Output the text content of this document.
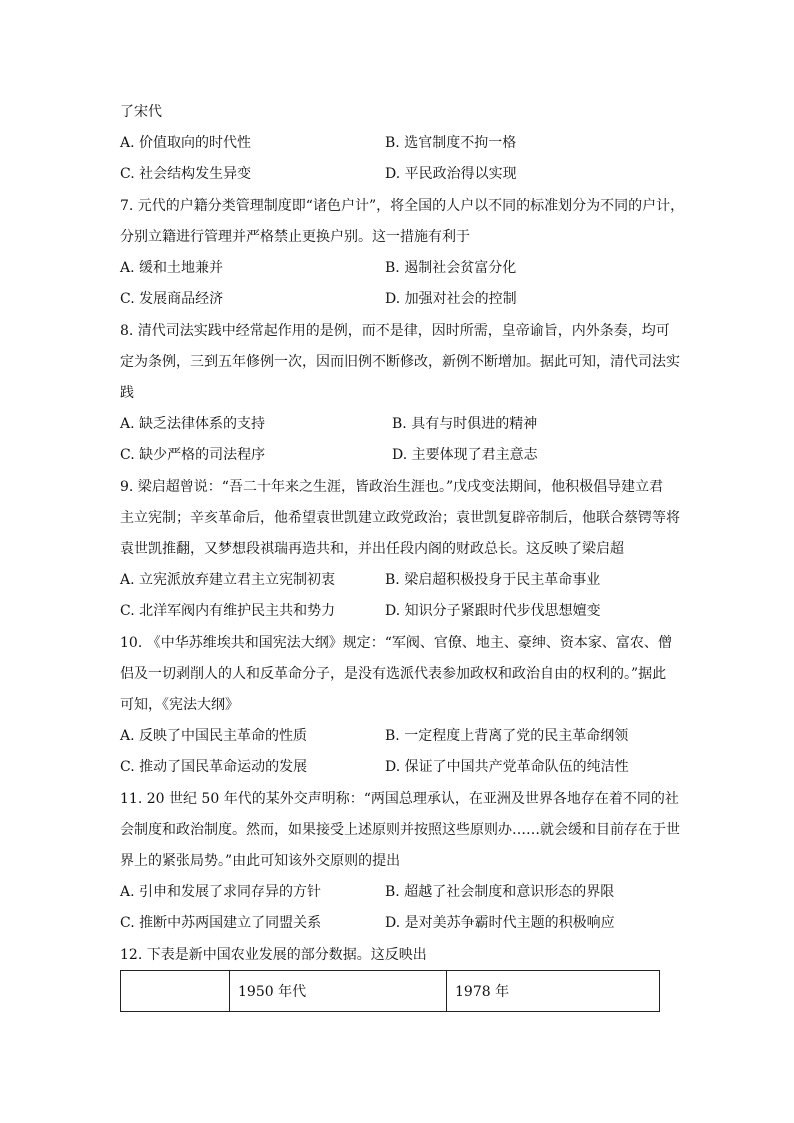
了宋代
A. 价值取向的时代性	B. 选官制度不拘一格
C. 社会结构发生异变	D. 平民政治得以实现
7. 元代的户籍分类管理制度即“诸色户计”，将全国的人户以不同的标准划分为不同的户计，
分别立籍进行管理并严格禁止更换户别。这一措施有利于
A. 缓和土地兼并	B. 遏制社会贫富分化
C. 发展商品经济	D. 加强对社会的控制
8. 清代司法实践中经常起作用的是例，而不是律，因时所需，皇帝谕旨，内外条奏，均可
定为条例，三到五年修例一次，因而旧例不断修改，新例不断增加。据此可知，清代司法实
践
A. 缺乏法律体系的支持	B. 具有与时俱进的精神
C. 缺少严格的司法程序	D. 主要体现了君主意志
9. 梁启超曾说：“吾二十年来之生涯，皆政治生涯也。”戊戌变法期间，他积极倡导建立君
主立宪制；辛亥革命后，他希望袁世凯建立政党政治；袁世凯复辟帝制后，他联合蔡锷等将
袁世凯推翻，又梦想段祺瑞再造共和，并出任段内阁的财政总长。这反映了梁启超
A. 立宪派放弃建立君主立宪制初衷	B. 梁启超积极投身于民主革命事业
C. 北洋军阀内有维护民主共和势力	D. 知识分子紧跟时代步伐思想嬗变
10. 《中华苏维埃共和国宪法大纲》规定：“军阀、官僚、地主、豪绅、资本家、富农、僧
侣及一切剥削人的人和反革命分子，是没有选派代表参加政权和政治自由的权利的。”据此
可知，《宪法大纲》
A. 反映了中国民主革命的性质	B. 一定程度上背离了党的民主革命纲领
C. 推动了国民革命运动的发展	D. 保证了中国共产党革命队伍的纯洁性
11. 20 世纪 50 年代的某外交声明称：“两国总理承认，在亚洲及世界各地存在着不同的社
会制度和政治制度。然而，如果接受上述原则并按照这些原则办……就会缓和目前存在于世
界上的紧张局势。”由此可知该外交原则的提出
A. 引申和发展了求同存异的方针	B. 超越了社会制度和意识形态的界限
C. 推断中苏两国建立了同盟关系	D. 是对美苏争霸时代主题的积极响应
12. 下表是新中国农业发展的部分数据。这反映出
	1950 年代	1978 年
